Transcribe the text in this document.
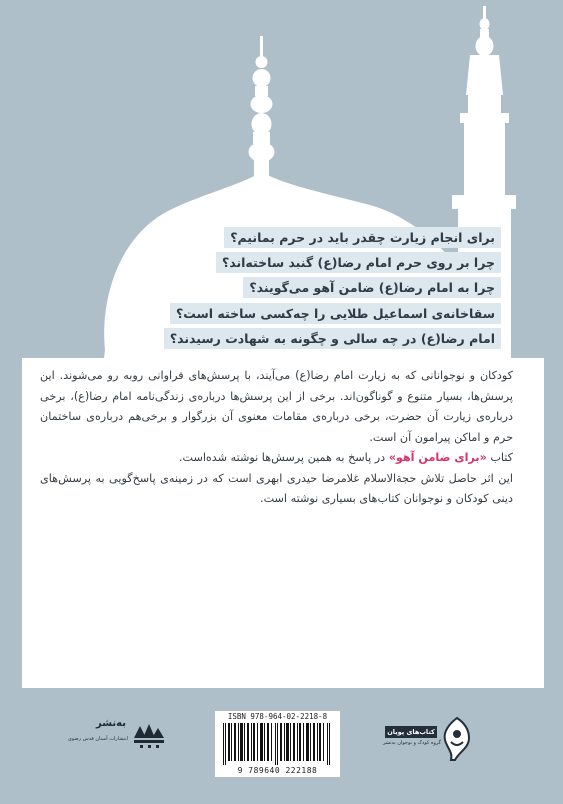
برای انجام زیارت چقدر باید در حرم بمانیم؟
چرا بر روی حرم امام رضا(ع) گنبد ساخته‌اند؟
چرا به امام رضا(ع) ضامن آهو می‌گویند؟
سقاخانه‌ی اسماعیل طلایی را چه‌کسی ساخته است؟
امام رضا(ع) در چه سالی و چگونه به شهادت رسیدند؟

کودکان و نوجوانانی که به زیارت امام رضا(ع) می‌آیند، با پرسش‌های فراوانی روبه رو می‌شوند. این پرسش‌ها، بسیار متنوع و گوناگون‌اند. برخی از این پرسش‌ها درباره‌ی زندگی‌نامه امام رضا(ع)، برخی درباره‌ی زیارت آن حضرت، برخی درباره‌ی مقامات معنوی آن بزرگوار و برخی‌هم درباره‌ی ساختمان حرم و اماکن پیرامون آن است.

کتاب «برای ضامن آهو» در پاسخ به همین پرسش‌ها نوشته شده‌است.

این اثر حاصل تلاش حجة‌الاسلام غلامرضا حیدری ابهری است که در زمینه‌ی پاسخ‌گویی به پرسش‌های دینی کودکان و نوجوانان کتاب‌های بسیاری نوشته است.

به‌نشر
انتشارات آستان قدس رضوی
ISBN 978-964-02-2218-8
9 789640 222188
کتاب‌های پویان
گروه کودک و نوجوان به‌نشر
